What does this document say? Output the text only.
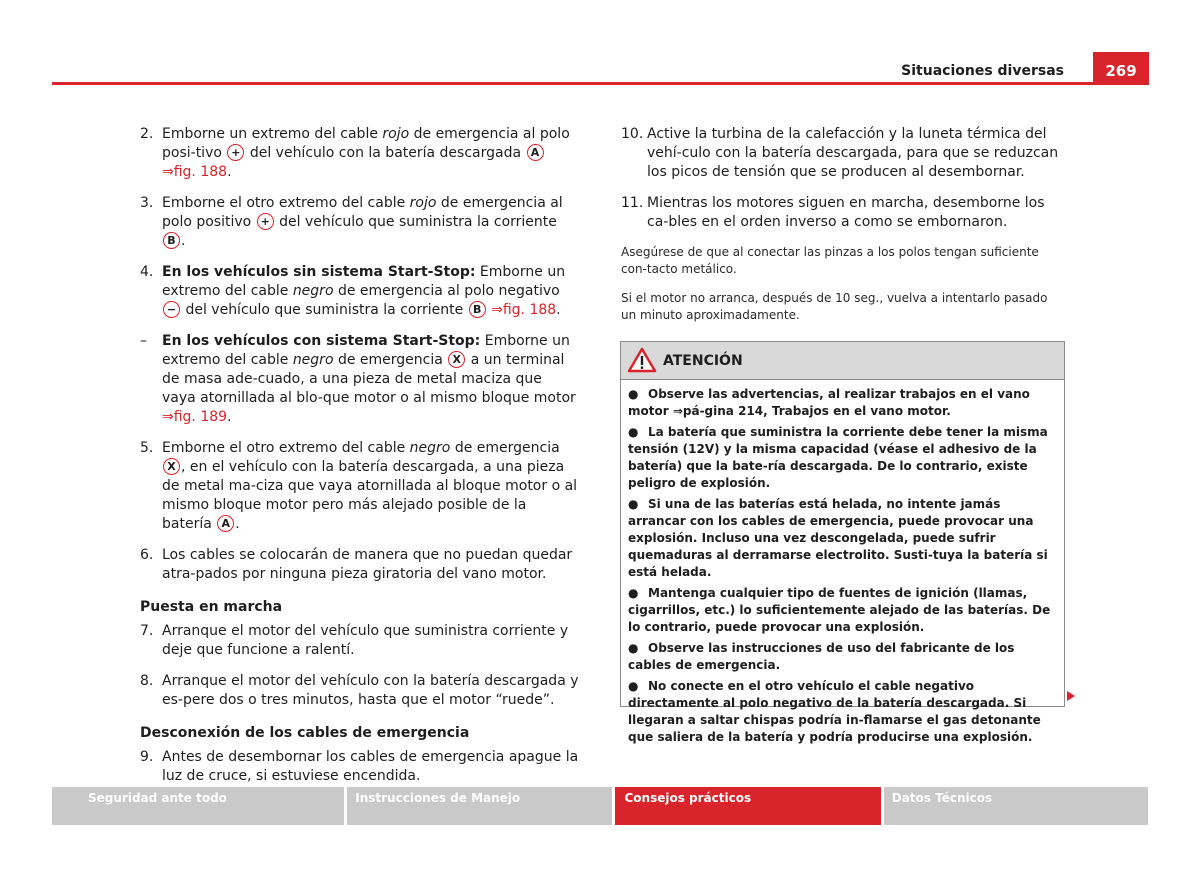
Situaciones diversas	269
2. Emborne un extremo del cable rojo de emergencia al polo posi-tivo + del vehículo con la batería descargada A ⇒fig. 188.
3. Emborne el otro extremo del cable rojo de emergencia al polo positivo + del vehículo que suministra la corriente B .
4. En los vehículos sin sistema Start-Stop: Emborne un extremo del cable negro de emergencia al polo negativo − del vehículo que suministra la corriente B ⇒fig. 188.
– En los vehículos con sistema Start-Stop: Emborne un extremo del cable negro de emergencia X a un terminal de masa ade-cuado, a una pieza de metal maciza que vaya atornillada al blo-que motor o al mismo bloque motor ⇒fig. 189.
5. Emborne el otro extremo del cable negro de emergencia X , en el vehículo con la batería descargada, a una pieza de metal ma-ciza que vaya atornillada al bloque motor o al mismo bloque motor pero más alejado posible de la batería A .
6. Los cables se colocarán de manera que no puedan quedar atra-pados por ninguna pieza giratoria del vano motor.
Puesta en marcha
7. Arranque el motor del vehículo que suministra corriente y deje que funcione a ralentí.
8. Arranque el motor del vehículo con la batería descargada y es-pere dos o tres minutos, hasta que el motor “ruede”.
Desconexión de los cables de emergencia
9. Antes de desembornar los cables de emergencia apague la luz de cruce, si estuviese encendida.
10. Active la turbina de la calefacción y la luneta térmica del vehí-culo con la batería descargada, para que se reduzcan los picos de tensión que se producen al desembornar.
11. Mientras los motores siguen en marcha, desemborne los ca-bles en el orden inverso a como se embornaron.

Asegúrese de que al conectar las pinzas a los polos tengan suficiente con-tacto metálico.

Si el motor no arranca, después de 10 seg., vuelva a intentarlo pasado un minuto aproximadamente.

ATENCIÓN
● Observe las advertencias, al realizar trabajos en el vano motor ⇒pá-gina 214, Trabajos en el vano motor.
● La batería que suministra la corriente debe tener la misma tensión (12V) y la misma capacidad (véase el adhesivo de la batería) que la bate-ría descargada. De lo contrario, existe peligro de explosión.
● Si una de las baterías está helada, no intente jamás arrancar con los cables de emergencia, puede provocar una explosión. Incluso una vez descongelada, puede sufrir quemaduras al derramarse electrolito. Susti-tuya la batería si está helada.
● Mantenga cualquier tipo de fuentes de ignición (llamas, cigarrillos, etc.) lo suficientemente alejado de las baterías. De lo contrario, puede provocar una explosión.
● Observe las instrucciones de uso del fabricante de los cables de emergencia.
● No conecte en el otro vehículo el cable negativo directamente al polo negativo de la batería descargada. Si llegaran a saltar chispas podría in-flamarse el gas detonante que saliera de la batería y podría producirse una explosión.
Seguridad ante todo	Instrucciones de Manejo	Consejos prácticos	Datos Técnicos
